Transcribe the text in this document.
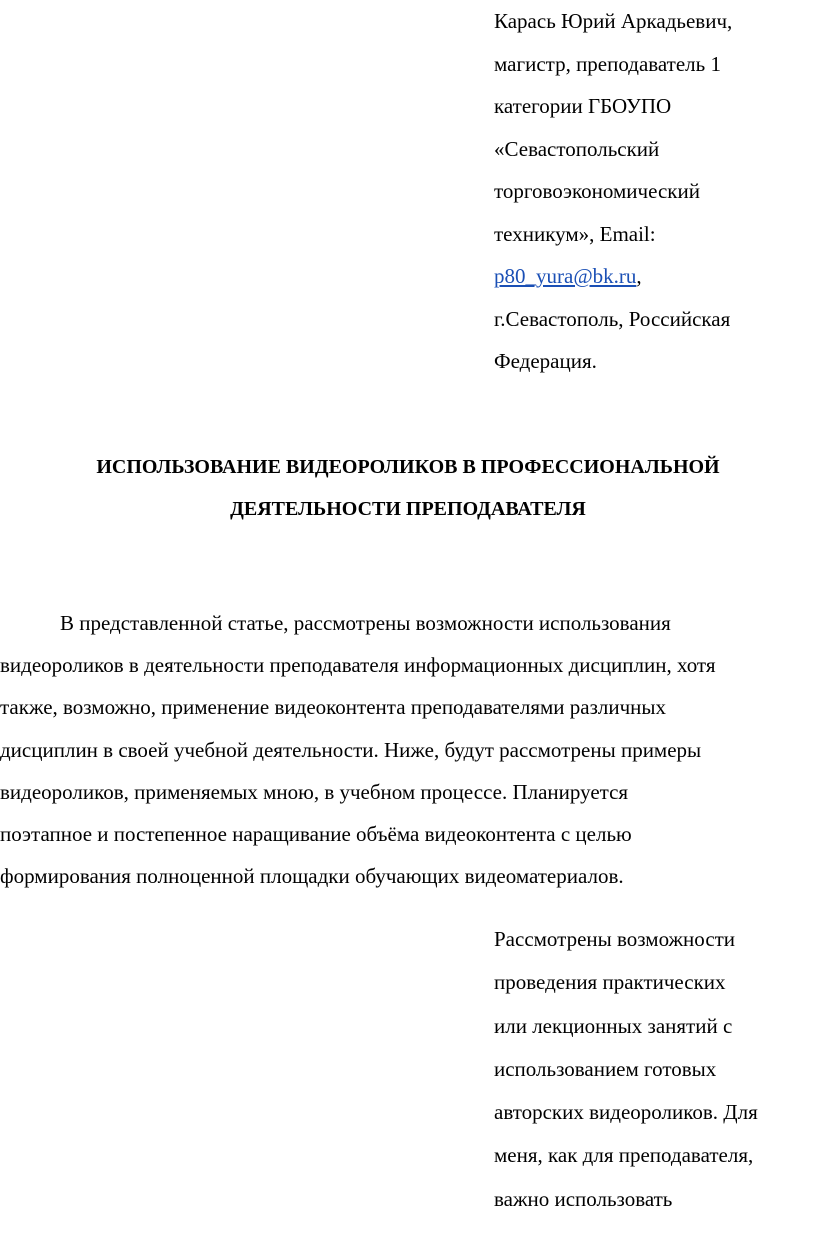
Карась Юрий Аркадьевич,
магистр, преподаватель 1
категории ГБОУПО
«Севастопольский
торговоэкономический
техникум», Email:
p80_yura@bk.ru,
г.Севастополь, Российская
Федерация.
ИСПОЛЬЗОВАНИЕ ВИДЕОРОЛИКОВ В ПРОФЕССИОНАЛЬНОЙ
ДЕЯТЕЛЬНОСТИ ПРЕПОДАВАТЕЛЯ
В представленной статье, рассмотрены возможности использования
видеороликов в деятельности преподавателя информационных дисциплин, хотя
также, возможно, применение видеоконтента преподавателями различных
дисциплин в своей учебной деятельности. Ниже, будут рассмотрены примеры
видеороликов, применяемых мною, в учебном процессе. Планируется
поэтапное и постепенное наращивание объёма видеоконтента с целью
формирования полноценной площадки обучающих видеоматериалов.
Рассмотрены возможности
проведения практических
или лекционных занятий с
использованием готовых
авторских видеороликов. Для
меня, как для преподавателя,
важно использовать
